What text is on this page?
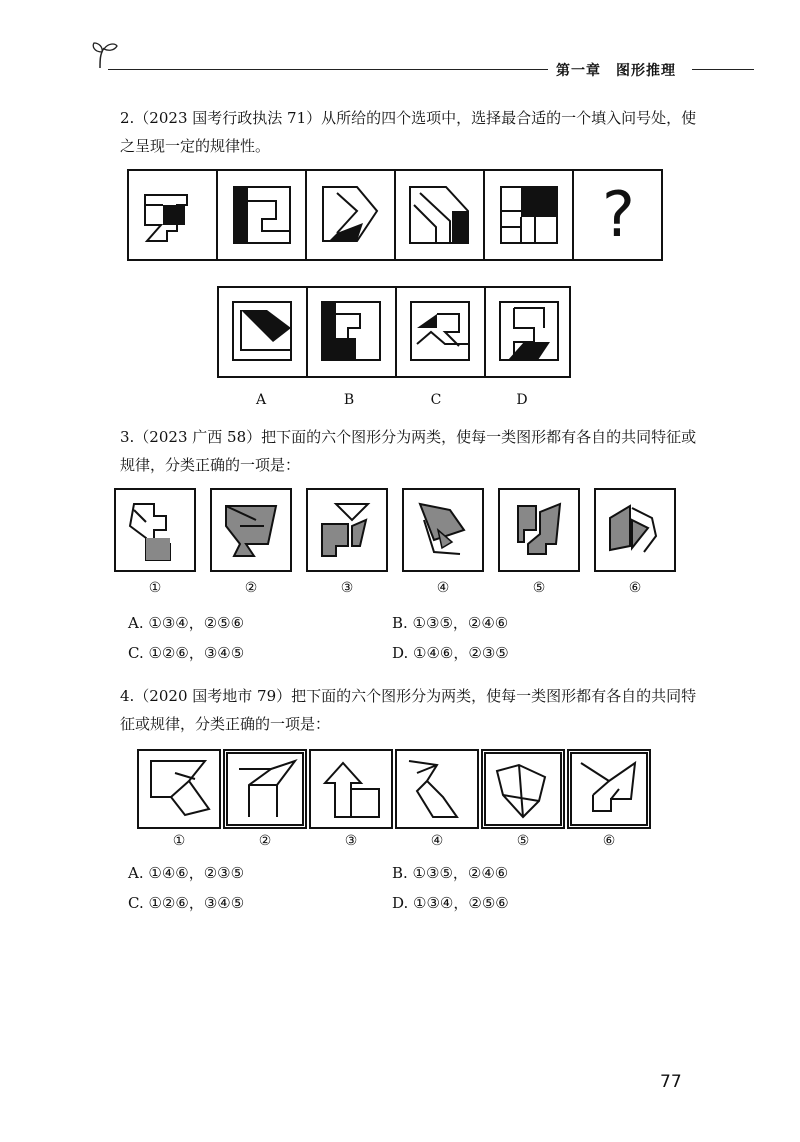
第一章　图形推理

2.（2023 国考行政执法 71）从所给的四个选项中，选择最合适的一个填入问号处，使之呈现一定的规律性。

?
A	B	C	D

3.（2023 广西 58）把下面的六个图形分为两类，使每一类图形都有各自的共同特征或规律，分类正确的一项是：

①	②	③	④	⑤	⑥
A. ①③④，②⑤⑥	B. ①③⑤，②④⑥
C. ①②⑥，③④⑤	D. ①④⑥，②③⑤

4.（2020 国考地市 79）把下面的六个图形分为两类，使每一类图形都有各自的共同特征或规律，分类正确的一项是：

①	②	③	④	⑤	⑥
A. ①④⑥，②③⑤	B. ①③⑤，②④⑥
C. ①②⑥，③④⑤	D. ①③④，②⑤⑥
77
